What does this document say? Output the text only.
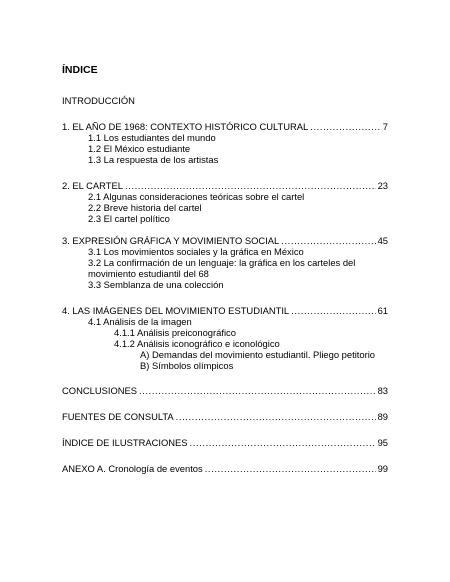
ÍNDICE
INTRODUCCIÓN
1. EL AÑO DE 1968: CONTEXTO HISTÓRICO CULTURAL .....	7
1.1 Los estudiantes del mundo
1.2 El México estudiante
1.3 La respuesta de los artistas
2. EL CARTEL .....	23
2.1 Algunas consideraciones teóricas sobre el cartel
2.2 Breve historia del cartel
2.3 El cartel político
3. EXPRESIÓN GRÁFICA Y MOVIMIENTO SOCIAL .....	45
3.1 Los movimientos sociales y la gráfica en México
3.2 La confirmación de un lenguaje: la gráfica en los carteles del
movimiento estudiantil del 68
3.3 Semblanza de una colección
4. LAS IMÁGENES DEL MOVIMIENTO ESTUDIANTIL .....	61
4.1 Análisis de la imagen
4.1.1 Análisis preiconográfico
4.1.2 Análisis iconográfico e iconológico
A) Demandas del movimiento estudiantil. Pliego petitorio
B) Símbolos olímpicos
CONCLUSIONES .....	83
FUENTES DE CONSULTA .....	89
ÍNDICE DE ILUSTRACIONES .....	95
ANEXO A. Cronología de eventos .....	99
